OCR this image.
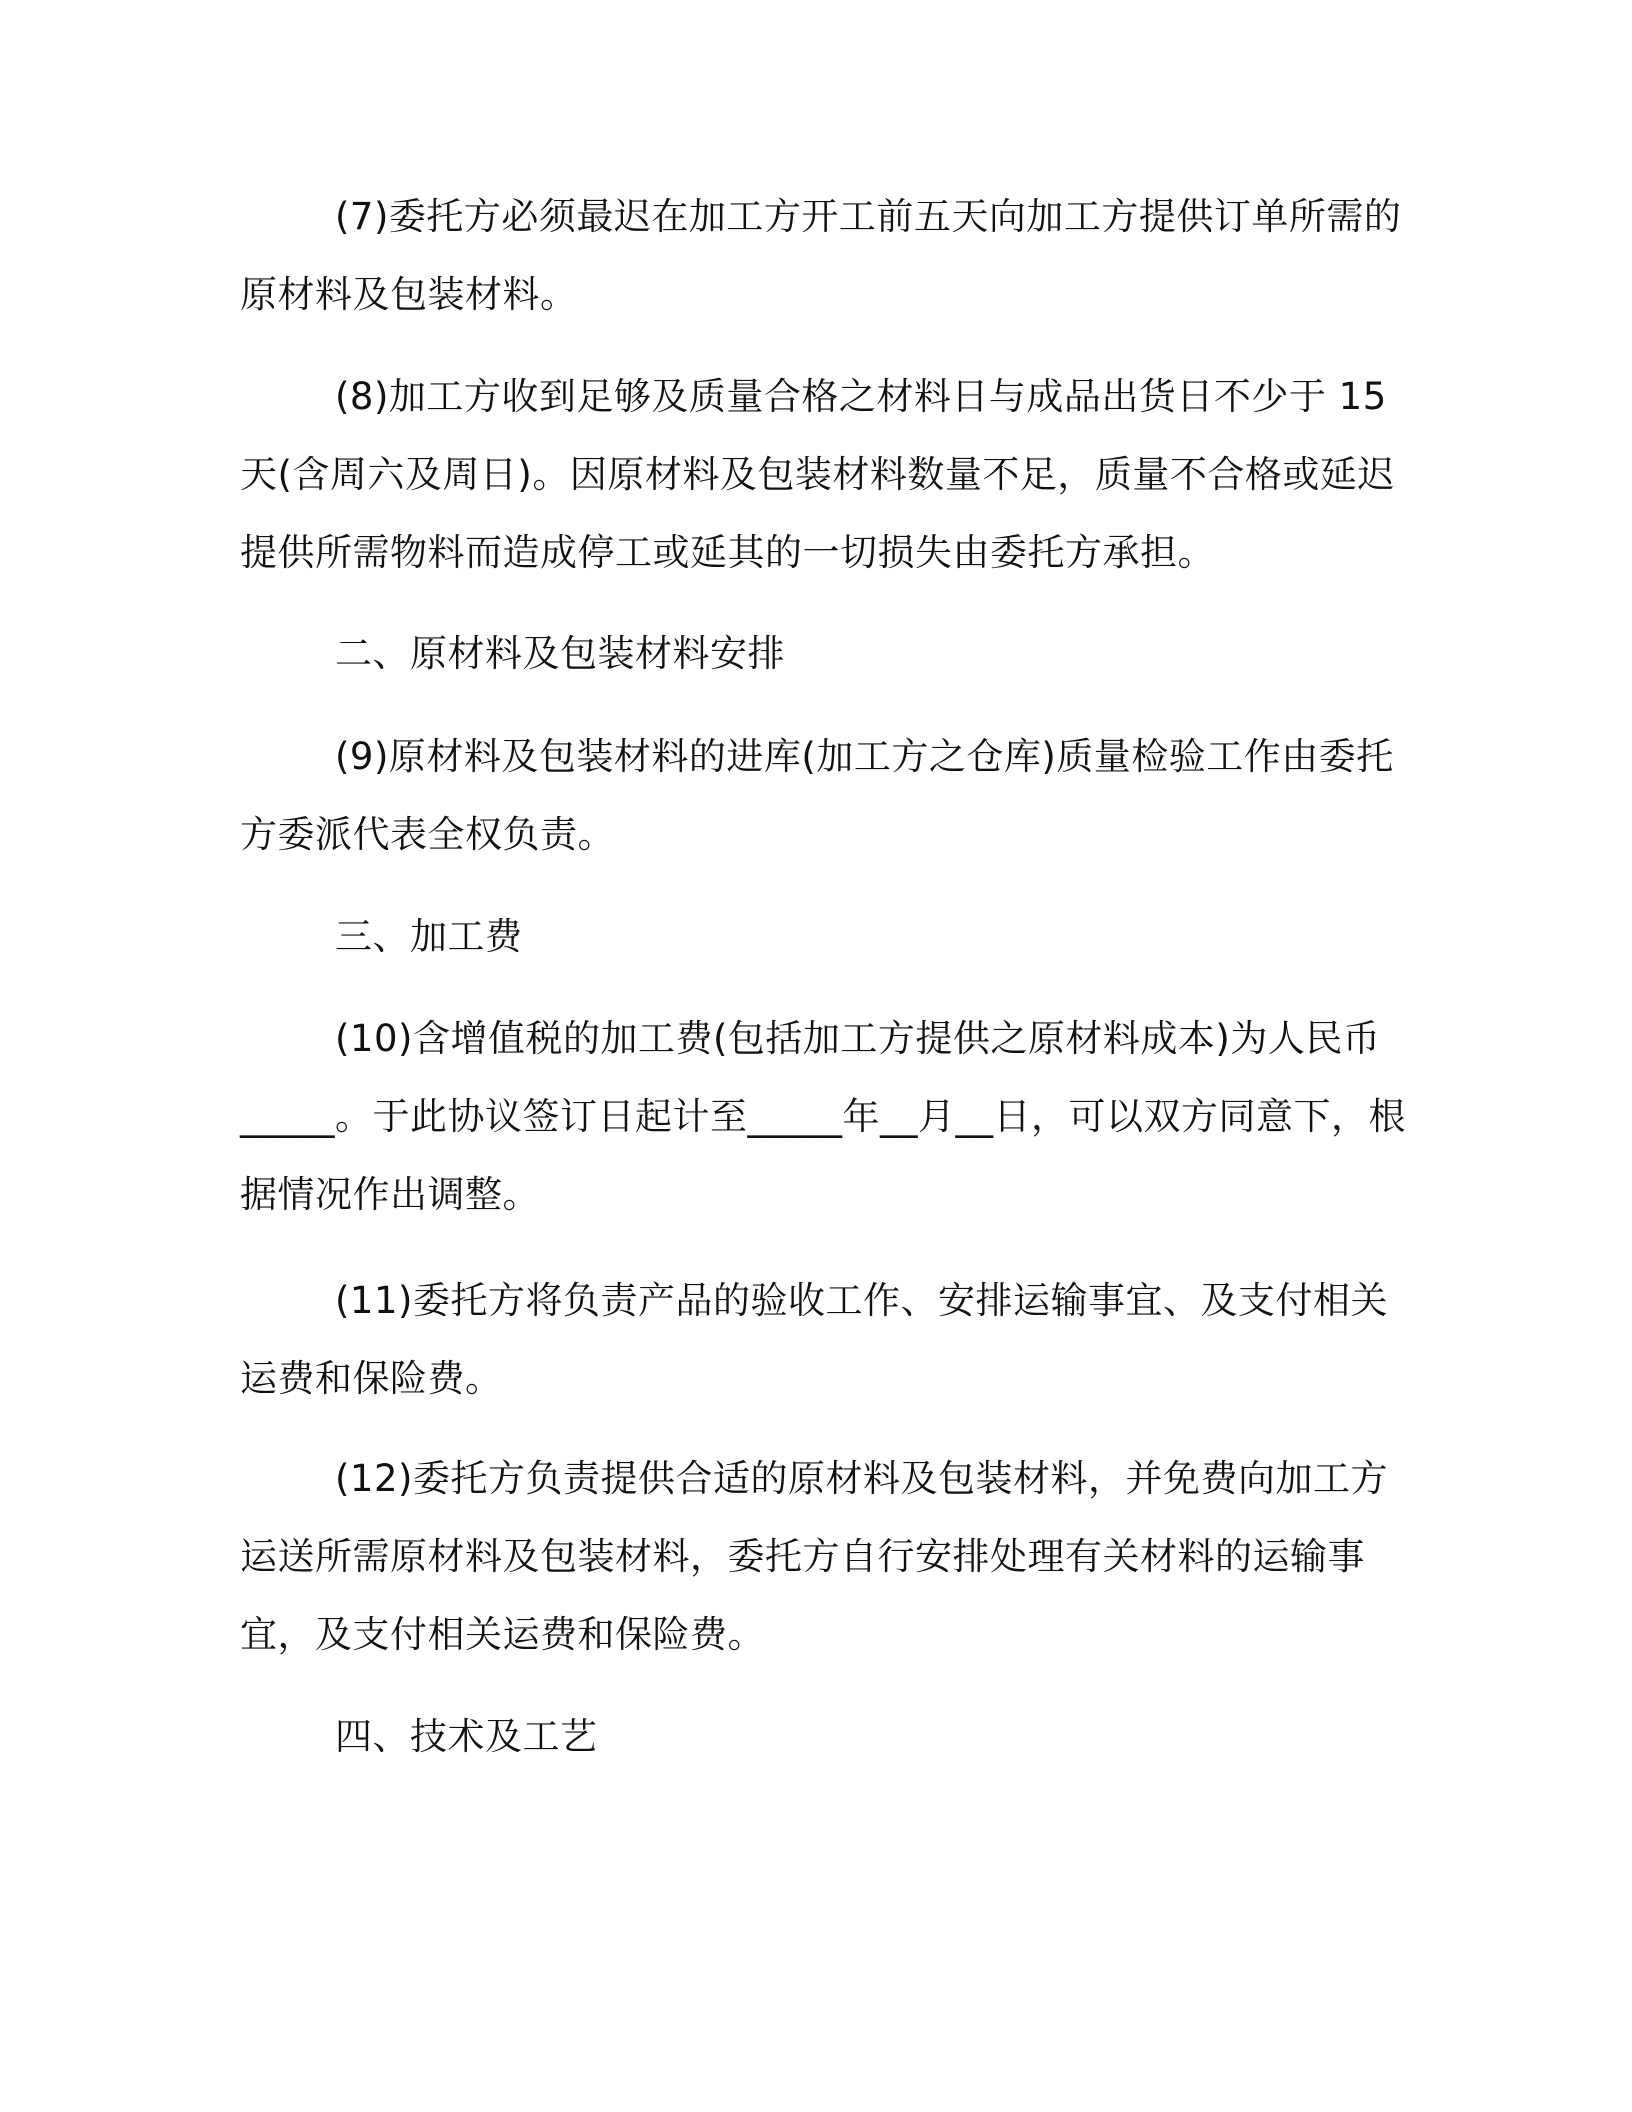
(7)委托方必须最迟在加工方开工前五天向加工方提供订单所需的
原材料及包装材料。

(8)加工方收到足够及质量合格之材料日与成品出货日不少于 15
天(含周六及周日)。因原材料及包装材料数量不足，质量不合格或延迟
提供所需物料而造成停工或延其的一切损失由委托方承担。

二、原材料及包装材料安排

(9)原材料及包装材料的进库(加工方之仓库)质量检验工作由委托
方委派代表全权负责。

三、加工费

(10)含增值税的加工费(包括加工方提供之原材料成本)为人民币
_____。于此协议签订日起计至_____年__月__日，可以双方同意下，根
据情况作出调整。

(11)委托方将负责产品的验收工作、安排运输事宜、及支付相关
运费和保险费。

(12)委托方负责提供合适的原材料及包装材料，并免费向加工方
运送所需原材料及包装材料，委托方自行安排处理有关材料的运输事
宜，及支付相关运费和保险费。

四、技术及工艺
